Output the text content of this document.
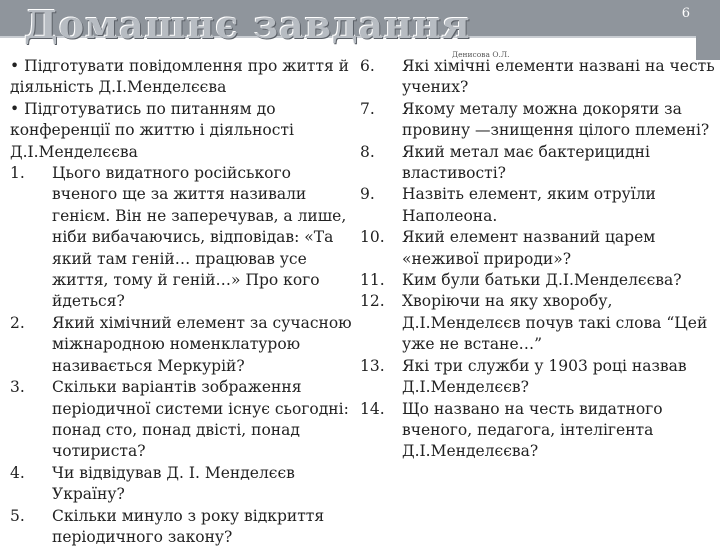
Домашнє завдання	6
Денисова О.Л.
• Підготувати повідомлення про життя й діяльність Д.І.Менделєєва
• Підготуватись по питанням до конференції по життю і діяльності Д.І.Менделєєва
1. Цього видатного російського вченого ще за життя називали генієм. Він не заперечував, а лише, ніби вибачаючись, відповідав: «Та який там геній… працював усе життя, тому й геній…» Про кого йдеться?
2. Який хімічний елемент за сучасною міжнародною номенклатурою називається Меркурій?
3. Скільки варіантів зображення періодичної системи існує сьогодні: понад сто, понад двісті, понад чотириста?
4. Чи відвідував Д. І. Менделєєв Україну?
5. Скільки минуло з року відкриття періодичного закону?
6. Які хімічні елементи названі на честь учених?
7. Якому металу можна докоряти за провину —знищення цілого племені?
8. Який метал має бактерицидні властивості?
9. Назвіть елемент, яким отруїли Наполеона.
10. Який елемент названий царем «неживої природи»?
11. Ким були батьки Д.І.Менделєєва?
12. Хворіючи на яку хворобу, Д.І.Менделєєв почув такі слова “Цей уже не встане…”
13. Які три служби у 1903 році назвав Д.І.Менделєєв?
14. Що названо на честь видатного вченого, педагога, інтелігента Д.І.Менделєєва?
